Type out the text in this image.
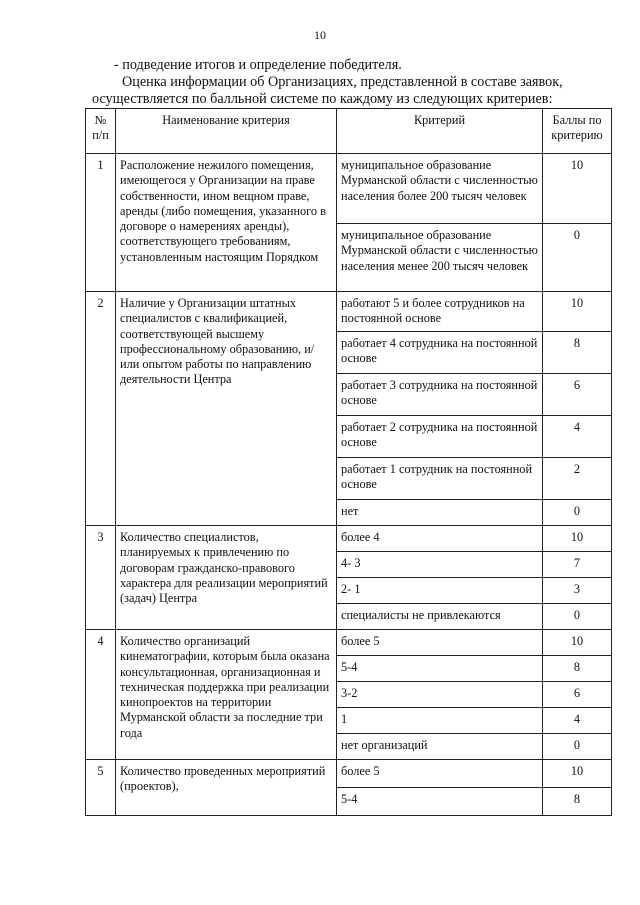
10

- подведение итогов и определение победителя.

Оценка информации об Организациях, представленной в составе заявок,

осуществляется по балльной системе по каждому из следующих критериев:

№ п/п	Наименование критерия	Критерий	Баллы по критерию
1	Расположение нежилого помещения, имеющегося у Организации на праве собственности, ином вещном праве, аренды (либо помещения, указанного в договоре о намерениях аренды), соответствующего требованиям, установленным настоящим Порядком	муниципальное образование Мурманской области с численностью населения более 200 тысяч человек	10
		муниципальное образование Мурманской области с численностью населения менее 200 тысяч человек	0
2	Наличие у Организации штатных специалистов с квалификацией, соответствующей высшему профессиональному образованию, и/или опытом работы по направлению деятельности Центра	работают 5 и более сотрудников на постоянной основе	10
		работает 4 сотрудника на постоянной основе	8
		работает 3 сотрудника на постоянной основе	6
		работает 2 сотрудника на постоянной основе	4
		работает 1 сотрудник на постоянной основе	2
		нет	0
3	Количество специалистов, планируемых к привлечению по договорам гражданско-правового характера для реализации мероприятий (задач) Центра	более 4	10
		4- 3	7
		2- 1	3
		специалисты не привлекаются	0
4	Количество организаций кинематографии, которым была оказана консультационная, организационная и техническая поддержка при реализации кинопроектов на территории Мурманской области за последние три года	более 5	10
		5-4	8
		3-2	6
		1	4
		нет организаций	0
5	Количество проведенных мероприятий (проектов),	более 5	10
		5-4	8
